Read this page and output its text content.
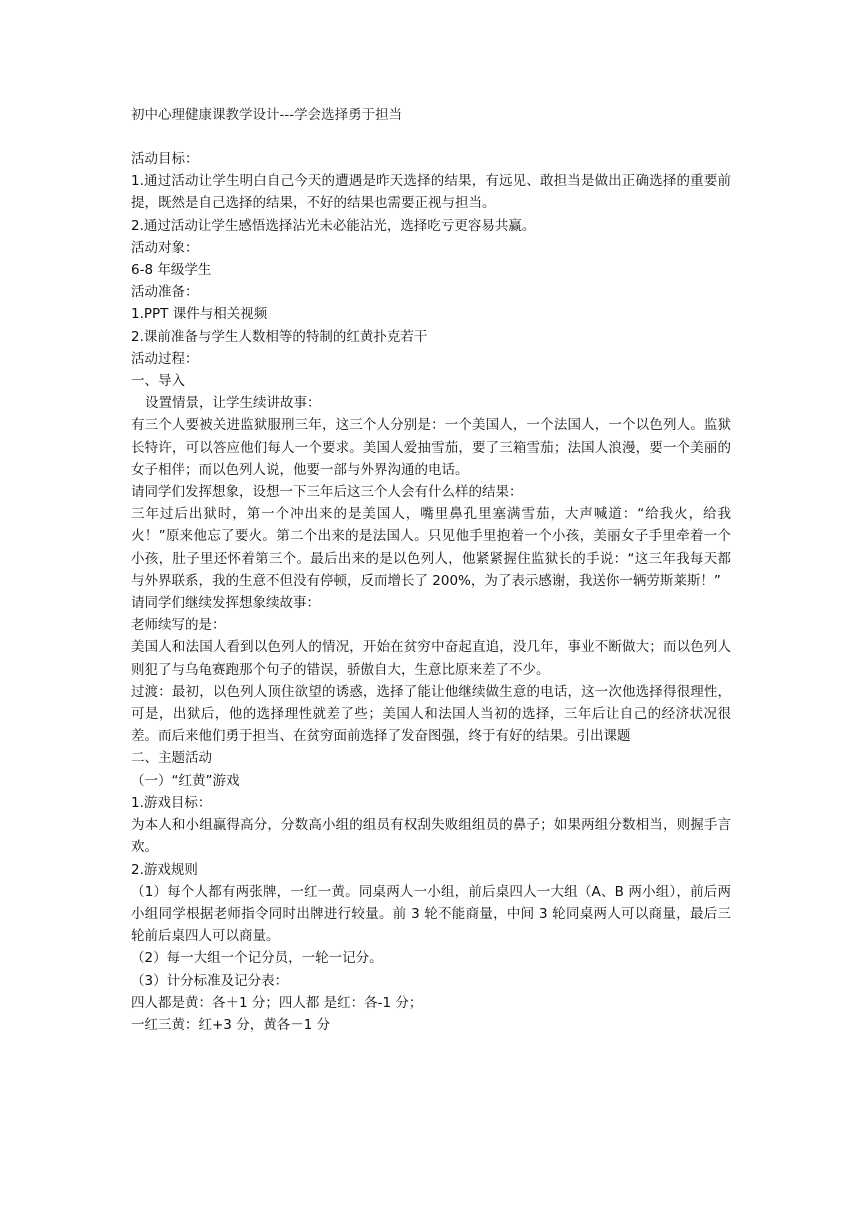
初中心理健康课教学设计---学会选择勇于担当

活动目标：

1.通过活动让学生明白自己今天的遭遇是昨天选择的结果，有远见、敢担当是做出正确选择的重要前提，既然是自己选择的结果，不好的结果也需要正视与担当。

2.通过活动让学生感悟选择沾光未必能沾光，选择吃亏更容易共赢。

活动对象：

6-8 年级学生

活动准备：

1.PPT 课件与相关视频

2.课前准备与学生人数相等的特制的红黄扑克若干

活动过程：

一、导入

设置情景，让学生续讲故事：

有三个人要被关进监狱服刑三年，这三个人分别是：一个美国人，一个法国人，一个以色列人。监狱长特许，可以答应他们每人一个要求。美国人爱抽雪茄，要了三箱雪茄；法国人浪漫，要一个美丽的女子相伴；而以色列人说，他要一部与外界沟通的电话。

请同学们发挥想象，设想一下三年后这三个人会有什么样的结果：

三年过后出狱时，第一个冲出来的是美国人，嘴里鼻孔里塞满雪茄，大声喊道：“给我火，给我火！”原来他忘了要火。第二个出来的是法国人。只见他手里抱着一个小孩，美丽女子手里牵着一个小孩，肚子里还怀着第三个。最后出来的是以色列人，他紧紧握住监狱长的手说：“这三年我每天都与外界联系，我的生意不但没有停顿，反而增长了 200%，为了表示感谢，我送你一辆劳斯莱斯！”

请同学们继续发挥想象续故事：

老师续写的是：

美国人和法国人看到以色列人的情况，开始在贫穷中奋起直追，没几年，事业不断做大；而以色列人则犯了与乌龟赛跑那个句子的错误，骄傲自大，生意比原来差了不少。

过渡：最初，以色列人顶住欲望的诱惑，选择了能让他继续做生意的电话，这一次他选择得很理性，可是，出狱后，他的选择理性就差了些；美国人和法国人当初的选择，三年后让自己的经济状况很差。而后来他们勇于担当、在贫穷面前选择了发奋图强，终于有好的结果。引出课题

二、主题活动

（一）“红黄”游戏

1.游戏目标：

为本人和小组赢得高分，分数高小组的组员有权刮失败组组员的鼻子；如果两组分数相当，则握手言欢。

2.游戏规则

（1）每个人都有两张牌，一红一黄。同桌两人一小组，前后桌四人一大组（A、B 两小组），前后两小组同学根据老师指令同时出牌进行较量。前 3 轮不能商量，中间 3 轮同桌两人可以商量，最后三轮前后桌四人可以商量。

（2）每一大组一个记分员，一轮一记分。

（3）计分标准及记分表：

四人都是黄：各＋1 分；四人都 是红：各-1 分；

一红三黄：红+3 分，黄各－1 分
